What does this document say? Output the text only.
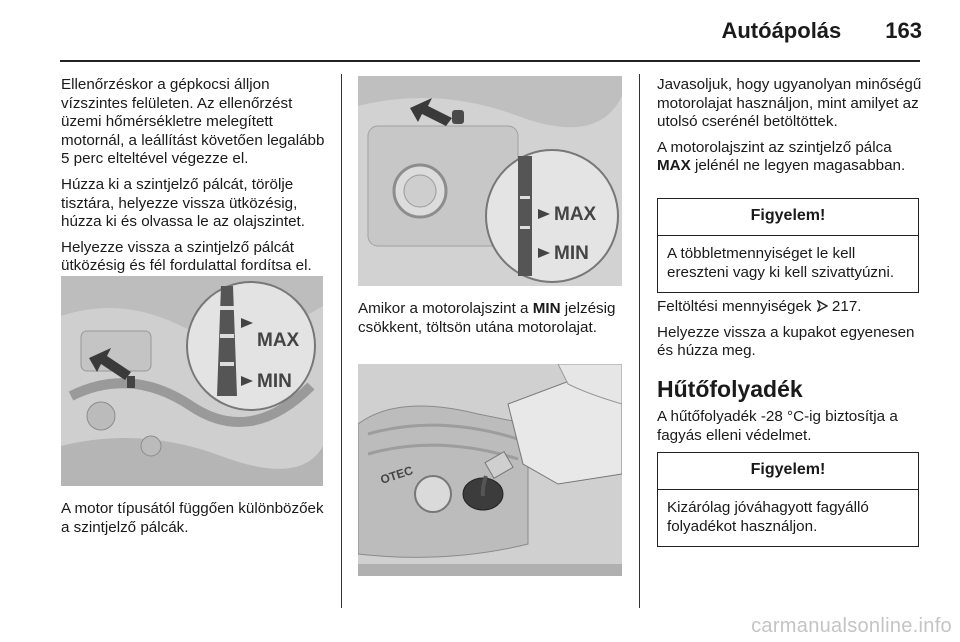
Autóápolás 163

Ellenőrzéskor a gépkocsi álljon vízszintes felületen. Az ellenőrzést üzemi hőmérsékletre melegített motornál, a leállítást követően legalább 5 perc elteltével végezze el.

Húzza ki a szintjelző pálcát, törölje tisztára, helyezze vissza ütközésig, húzza ki és olvassa le az olajszintet.

Helyezze vissza a szintjelző pálcát ütközésig és fél fordulattal fordítsa el.

MAX
MIN

A motor típusától függően különbözőek a szintjelző pálcák.

MAX
MIN

Amikor a motorolajszint a MIN jelzésig csökkent, töltsön utána motorolajat.

OTEC

Javasoljuk, hogy ugyanolyan minőségű motorolajat használjon, mint amilyet az utolsó cserénél betöltöttek.

A motorolajszint az szintjelző pálca MAX jelénél ne legyen magasabban.

Figyelem!
A többletmennyiséget le kell ereszteni vagy ki kell szivattyúzni.

Feltöltési mennyiségek  217.

Helyezze vissza a kupakot egyenesen és húzza meg.

Hűtőfolyadék

A hűtőfolyadék -28 °C-ig biztosítja a fagyás elleni védelmet.

Figyelem!
Kizárólag jóváhagyott fagyálló folyadékot használjon.
carmanualsonline.info
